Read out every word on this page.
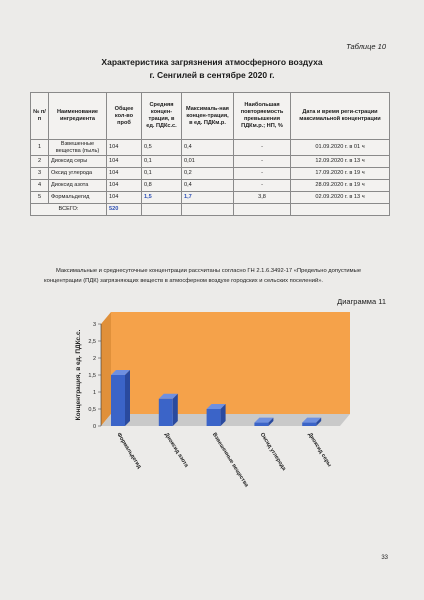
Таблице 10
Характеристика загрязнения атмосферного воздуха
г. Сенгилей в сентябре 2020 г.
№ п/п	Наименование ингредиента	Общее кол-во проб	Средняя концен-трация, в ед. ПДКс.с.	Максималь-ная концен-трация, в ед. ПДКм.р.	Наибольшая повторяемость превышения ПДКм.р.; НП, %	Дата и время реги-страции максимальной концентрации
1	Взвешенные вещества (пыль)	104	0,5	0,4	-	01.09.2020 г. в 01 ч
2	Диоксид серы	104	0,1	0,01	-	12.09.2020 г. в 13 ч
3	Оксид углерода	104	0,1	0,2	-	17.09.2020 г. в 19 ч
4	Диоксид азота	104	0,8	0,4	-	28.09.2020 г. в 19 ч
5	Формальдегид	104	1,5	1,7	3,8	02.09.2020 г. в 13 ч
ВСЕГО:		520				
Максимальные и среднесуточные концентрации рассчитаны согласно ГН 2.1.6.3492-17 «Предельно допустимые концентрации (ПДК) загрязняющих веществ в атмосферном воздухе городских и сельских поселений».
Диаграмма 11
0
0,5
1
1,5
2
2,5
3
Концентрация, в ед. ПДКс.с.
Формальдегид	Диоксид азота	Взвешенные вещества Оксид углерода	Диоксид серы
33
